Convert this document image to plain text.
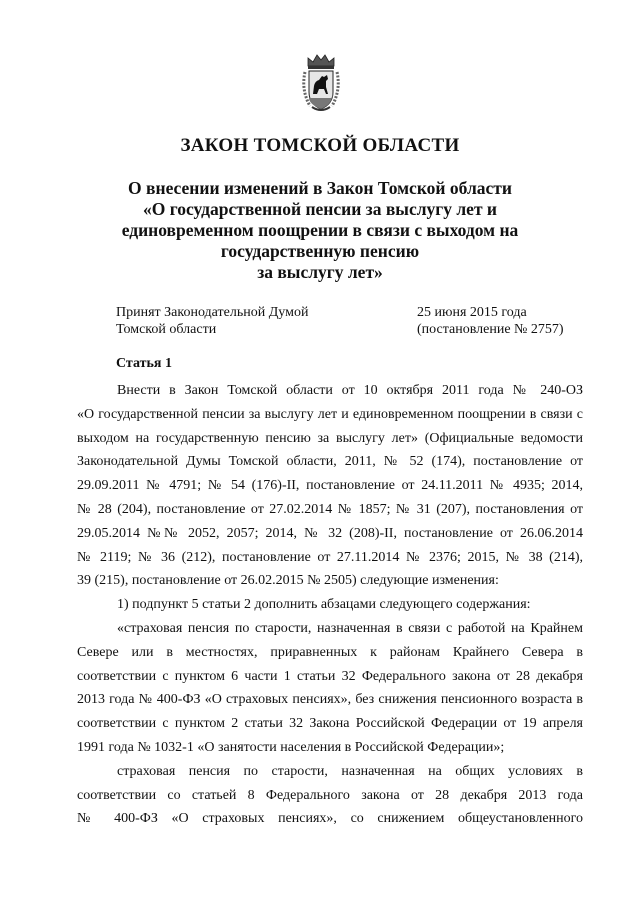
ЗАКОН ТОМСКОЙ ОБЛАСТИ
О внесении изменений в Закон Томской области
«О государственной пенсии за выслугу лет и
единовременном поощрении в связи с выходом на
государственную пенсию
за выслугу лет»
Принят Законодательной Думой
Томской области
25 июня 2015 года
(постановление № 2757)
Статья 1
Внести в Закон Томской области от 10 октября 2011 года № 240-ОЗ
«О государственной пенсии за выслугу лет и единовременном поощрении в связи с
выходом на государственную пенсию за выслугу лет» (Официальные ведомости
Законодательной Думы Томской области, 2011, № 52 (174), постановление от
29.09.2011 № 4791; № 54 (176)-II, постановление от 24.11.2011 № 4935; 2014,
№ 28 (204), постановление от 27.02.2014 № 1857; № 31 (207), постановления от
29.05.2014 №№ 2052, 2057; 2014, № 32 (208)-II, постановление от 26.06.2014
№ 2119; № 36 (212), постановление от 27.11.2014 № 2376; 2015, № 38 (214),
39 (215), постановление от 26.02.2015 № 2505) следующие изменения:
1) подпункт 5 статьи 2 дополнить абзацами следующего содержания:
«страховая пенсия по старости, назначенная в связи с работой на Крайнем
Севере или в местностях, приравненных к районам Крайнего Севера в
соответствии с пунктом 6 части 1 статьи 32 Федерального закона от 28 декабря
2013 года № 400-ФЗ «О страховых пенсиях», без снижения пенсионного возраста в
соответствии с пунктом 2 статьи 32 Закона Российской Федерации от 19 апреля
1991 года № 1032-1 «О занятости населения в Российской Федерации»;
страховая пенсия по старости, назначенная на общих условиях в
соответствии со статьей 8 Федерального закона от 28 декабря 2013 года
№ 400-ФЗ «О страховых пенсиях», со снижением общеустановленного
